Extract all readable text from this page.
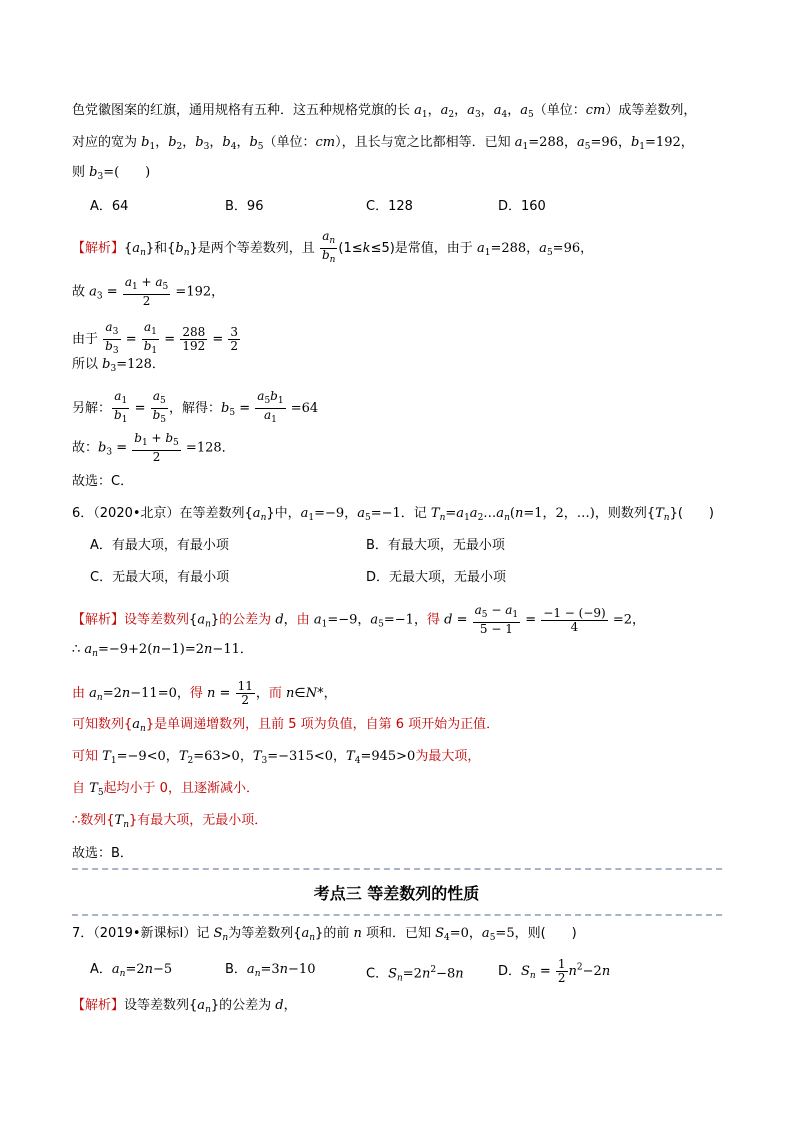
色党徽图案的红旗，通用规格有五种．这五种规格党旗的长 $a_1$，$a_2$，$a_3$，$a_4$，$a_5$（单位：cm）成等差数列，
对应的宽为 $b_1$，$b_2$，$b_3$，$b_4$，$b_5$（单位：cm），且长与宽之比都相等．已知 $a_1=288$，$a_5=96$，$b_1=192$，
则 $b_3=$(　　)
A．64	B．96	C．128	D．160
【解析】$\{a_n\}$和$\{b_n\}$是两个等差数列，且 $\frac{a_n}{b_n} (1\le k\le 5)$是常值，由于 $a_1=288$，$a_5=96$，
故 $a_3 = \frac{a_1 + a_5}{2} =192$，
由于 $\frac{a_3}{b_3} = \frac{a_1}{b_1} = \frac{288}{192} = \frac{3}{2}$
所以 $b_3=128$．
另解： $\frac{a_1}{b_1} = \frac{a_5}{b_5}$ ，解得：$b_5 = \frac{a_5b_1}{a_1} =64$
故：$b_3 = \frac{b_1 + b_5}{2} =128$．
故选：C．
6．（2020•北京）在等差数列$\{a_n\}$中，$a_1=-9$，$a_5=-1$．记 $T_n=a_1a_2\dots a_n(n=1$，2，…)，则数列$\{T_n\}$(　　)
A．有最大项，有最小项	B．有最大项，无最小项
C．无最大项，有最小项	D．无最大项，无最小项
【解析】设等差数列$\{a_n\}$的公差为 d，由 $a_1=-9$，$a_5=-1$，得 $d = \frac{a_5 - a_1}{5 - 1} = \frac{-1 - (-9)}{4} =2$，
∴ $a_n=-9+2(n-1)=2n-11$．
由 $a_n=2n-11=0$，得 $n = \frac{11}{2}$ ，而 n∈N*，
可知数列$\{a_n\}$是单调递增数列，且前 5 项为负值，自第 6 项开始为正值．
可知 $T_1=-9<0$，$T_2=63>0$，$T_3=-315<0$，$T_4=945>0$为最大项，
自 $T_5$起均小于 0，且逐渐减小．
∴数列$\{T_n\}$有最大项，无最小项．
故选：B．
考点三 等差数列的性质
7．（2019•新课标Ⅰ）记 $S_n$为等差数列$\{a_n\}$的前 n 项和．已知 $S_4=0$，$a_5=5$，则(　　)
A．$a_n=2n-5$	B．$a_n=3n-10$	C．$S_n=2n^2-8n$	D．$S_n = \frac{1}{2} n^2-2n$
【解析】设等差数列$\{a_n\}$的公差为 d，
